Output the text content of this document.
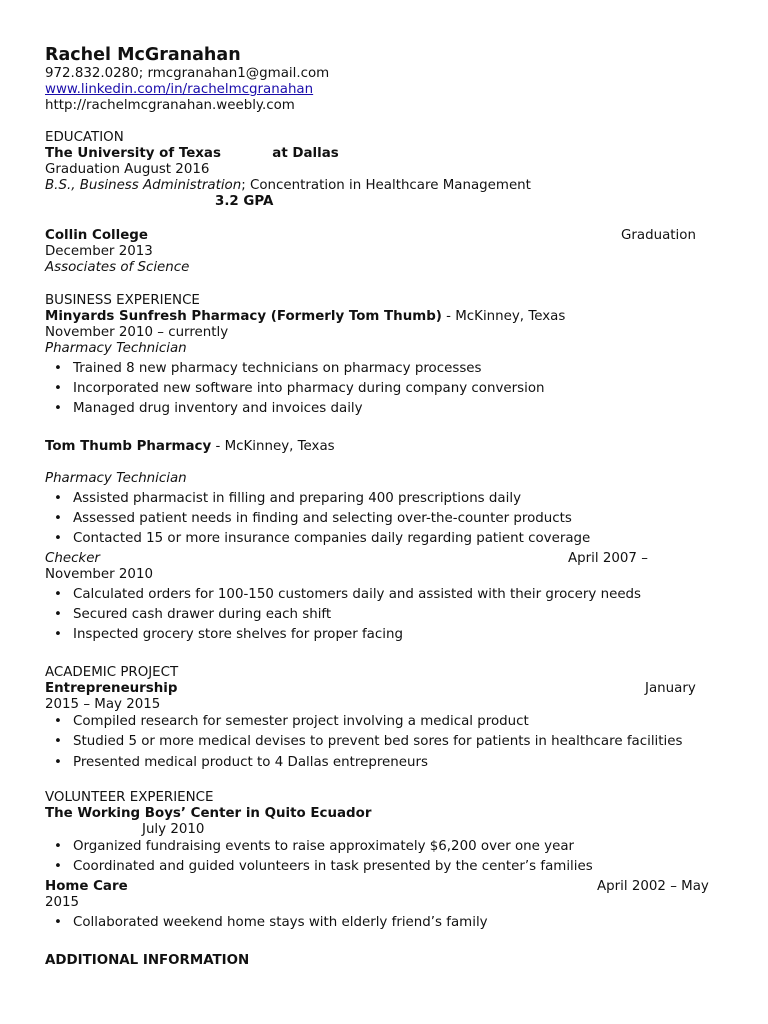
Rachel McGranahan
972.832.0280; rmcgranahan1@gmail.com
www.linkedin.com/in/rachelmcgranahan
http://rachelmcgranahan.weebly.com
EDUCATION
The University of Texas	at Dallas
Graduation August 2016
B.S., Business Administration; Concentration in Healthcare Management
3.2 GPA
Collin College	Graduation
December 2013
Associates of Science
BUSINESS EXPERIENCE
Minyards Sunfresh Pharmacy (Formerly Tom Thumb) - McKinney, Texas
November 2010 – currently
Pharmacy Technician
• Trained 8 new pharmacy technicians on pharmacy processes
• Incorporated new software into pharmacy during company conversion
• Managed drug inventory and invoices daily
Tom Thumb Pharmacy - McKinney, Texas
Pharmacy Technician
• Assisted pharmacist in filling and preparing 400 prescriptions daily
• Assessed patient needs in finding and selecting over-the-counter products
• Contacted 15 or more insurance companies daily regarding patient coverage
Checker	April 2007 –
November 2010
• Calculated orders for 100-150 customers daily and assisted with their grocery needs
• Secured cash drawer during each shift
• Inspected grocery store shelves for proper facing
ACADEMIC PROJECT
Entrepreneurship	January
2015 – May 2015
• Compiled research for semester project involving a medical product
• Studied 5 or more medical devises to prevent bed sores for patients in healthcare facilities
• Presented medical product to 4 Dallas entrepreneurs
VOLUNTEER EXPERIENCE
The Working Boys’ Center in Quito Ecuador
July 2010
• Organized fundraising events to raise approximately $6,200 over one year
• Coordinated and guided volunteers in task presented by the center’s families
Home Care	April 2002 – May
2015
• Collaborated weekend home stays with elderly friend’s family
ADDITIONAL INFORMATION
